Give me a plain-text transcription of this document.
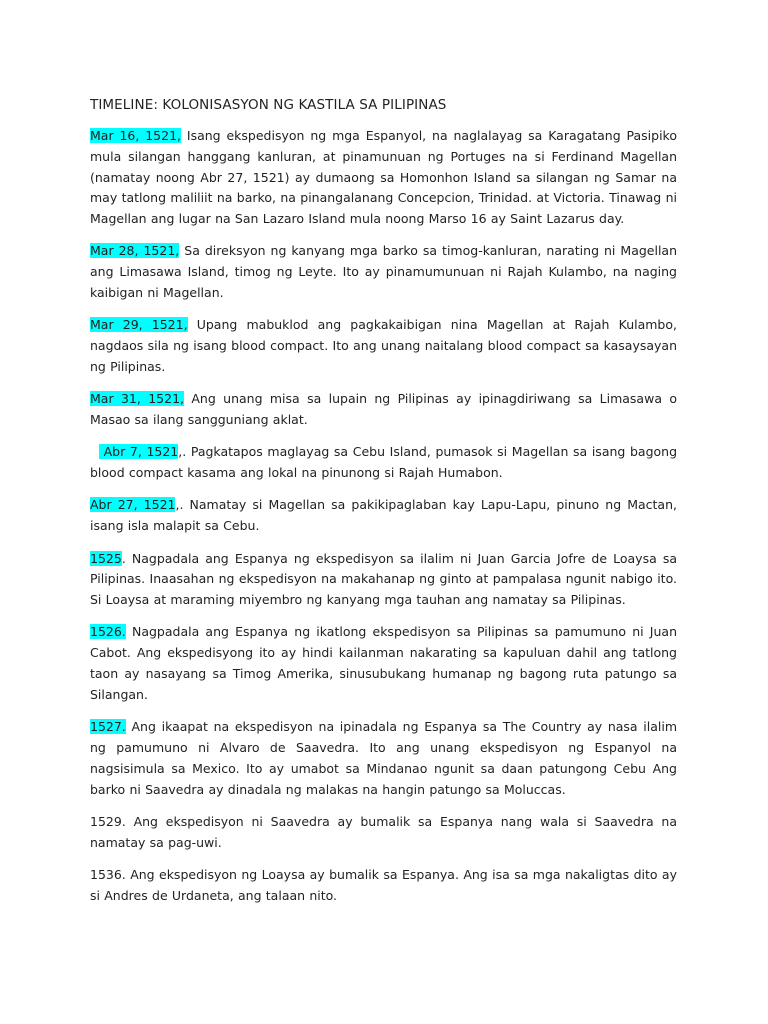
TIMELINE: KOLONISASYON NG KASTILA SA PILIPINAS

Mar 16, 1521, Isang ekspedisyon ng mga Espanyol, na naglalayag sa Karagatang Pasipiko mula silangan hanggang kanluran, at pinamunuan ng Portuges na si Ferdinand Magellan (namatay noong Abr 27, 1521) ay dumaong sa Homonhon Island sa silangan ng Samar na may tatlong maliliit na barko, na pinangalanang Concepcion, Trinidad. at Victoria. Tinawag ni Magellan ang lugar na San Lazaro Island mula noong Marso 16 ay Saint Lazarus day.

Mar 28, 1521, Sa direksyon ng kanyang mga barko sa timog-kanluran, narating ni Magellan ang Limasawa Island, timog ng Leyte. Ito ay pinamumunuan ni Rajah Kulambo, na naging kaibigan ni Magellan.

Mar 29, 1521, Upang mabuklod ang pagkakaibigan nina Magellan at Rajah Kulambo, nagdaos sila ng isang blood compact. Ito ang unang naitalang blood compact sa kasaysayan ng Pilipinas.

Mar 31, 1521, Ang unang misa sa lupain ng Pilipinas ay ipinagdiriwang sa Limasawa o Masao sa ilang sangguniang aklat.

Abr 7, 1521,. Pagkatapos maglayag sa Cebu Island, pumasok si Magellan sa isang bagong blood compact kasama ang lokal na pinunong si Rajah Humabon.

Abr 27, 1521,. Namatay si Magellan sa pakikipaglaban kay Lapu-Lapu, pinuno ng Mactan, isang isla malapit sa Cebu.

1525. Nagpadala ang Espanya ng ekspedisyon sa ilalim ni Juan Garcia Jofre de Loaysa sa Pilipinas. Inaasahan ng ekspedisyon na makahanap ng ginto at pampalasa ngunit nabigo ito. Si Loaysa at maraming miyembro ng kanyang mga tauhan ang namatay sa Pilipinas.

1526. Nagpadala ang Espanya ng ikatlong ekspedisyon sa Pilipinas sa pamumuno ni Juan Cabot. Ang ekspedisyong ito ay hindi kailanman nakarating sa kapuluan dahil ang tatlong taon ay nasayang sa Timog Amerika, sinusubukang humanap ng bagong ruta patungo sa Silangan.

1527. Ang ikaapat na ekspedisyon na ipinadala ng Espanya sa The Country ay nasa ilalim ng pamumuno ni Alvaro de Saavedra. Ito ang unang ekspedisyon ng Espanyol na nagsisimula sa Mexico. Ito ay umabot sa Mindanao ngunit sa daan patungong Cebu Ang barko ni Saavedra ay dinadala ng malakas na hangin patungo sa Moluccas.

1529. Ang ekspedisyon ni Saavedra ay bumalik sa Espanya nang wala si Saavedra na namatay sa pag-uwi.

1536. Ang ekspedisyon ng Loaysa ay bumalik sa Espanya. Ang isa sa mga nakaligtas dito ay si Andres de Urdaneta, ang talaan nito.
